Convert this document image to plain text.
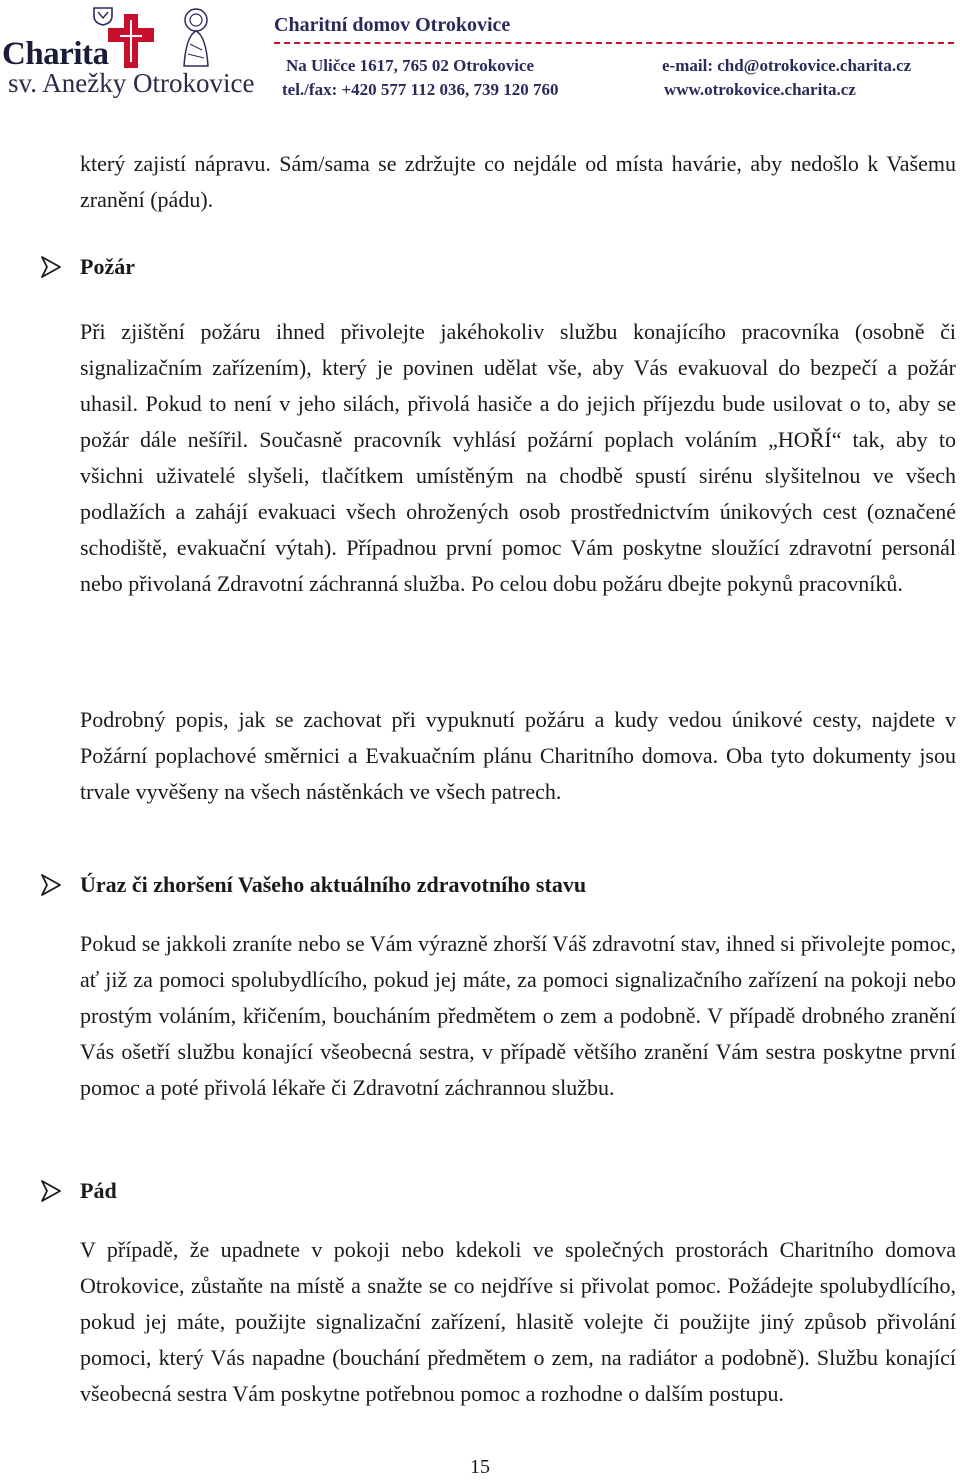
Charita
sv. Anežky Otrokovice
Charitní domov Otrokovice
Na Uličce 1617, 765 02 Otrokovice
tel./fax: +420 577 112 036, 739 120 760
e-mail: chd@otrokovice.charita.cz
www.otrokovice.charita.cz

který zajistí nápravu. Sám/sama se zdržujte co nejdále od místa havárie, aby nedošlo k Vašemu zranění (pádu).

Požár

Při zjištění požáru ihned přivolejte jakéhokoliv službu konajícího pracovníka (osobně či signalizačním zařízením), který je povinen udělat vše, aby Vás evakuoval do bezpečí a požár uhasil. Pokud to není v jeho silách, přivolá hasiče a do jejich příjezdu bude usilovat o to, aby se požár dále nešířil. Současně pracovník vyhlásí požární poplach voláním „HOŘÍ“ tak, aby to všichni uživatelé slyšeli, tlačítkem umístěným na chodbě spustí sirénu slyšitelnou ve všech podlažích a zahájí evakuaci všech ohrožených osob prostřednictvím únikových cest (označené schodiště, evakuační výtah). Případnou první pomoc Vám poskytne sloužící zdravotní personál nebo přivolaná Zdravotní záchranná služba. Po celou dobu požáru dbejte pokynů pracovníků.

Podrobný popis, jak se zachovat při vypuknutí požáru a kudy vedou únikové cesty, najdete v Požární poplachové směrnici a Evakuačním plánu Charitního domova. Oba tyto dokumenty jsou trvale vyvěšeny na všech nástěnkách ve všech patrech.

Úraz či zhoršení Vašeho aktuálního zdravotního stavu

Pokud se jakkoli zraníte nebo se Vám výrazně zhorší Váš zdravotní stav, ihned si přivolejte pomoc, ať již za pomoci spolubydlícího, pokud jej máte, za pomoci signalizačního zařízení na pokoji nebo prostým voláním, křičením, boucháním předmětem o zem a podobně. V případě drobného zranění Vás ošetří službu konající všeobecná sestra, v případě většího zranění Vám sestra poskytne první pomoc a poté přivolá lékaře či Zdravotní záchrannou službu.

Pád

V případě, že upadnete v pokoji nebo kdekoli ve společných prostorách Charitního domova Otrokovice, zůstaňte na místě a snažte se co nejdříve si přivolat pomoc. Požádejte spolubydlícího, pokud jej máte, použijte signalizační zařízení, hlasitě volejte či použijte jiný způsob přivolání pomoci, který Vás napadne (bouchání předmětem o zem, na radiátor a podobně). Službu konající všeobecná sestra Vám poskytne potřebnou pomoc a rozhodne o dalším postupu.

15
